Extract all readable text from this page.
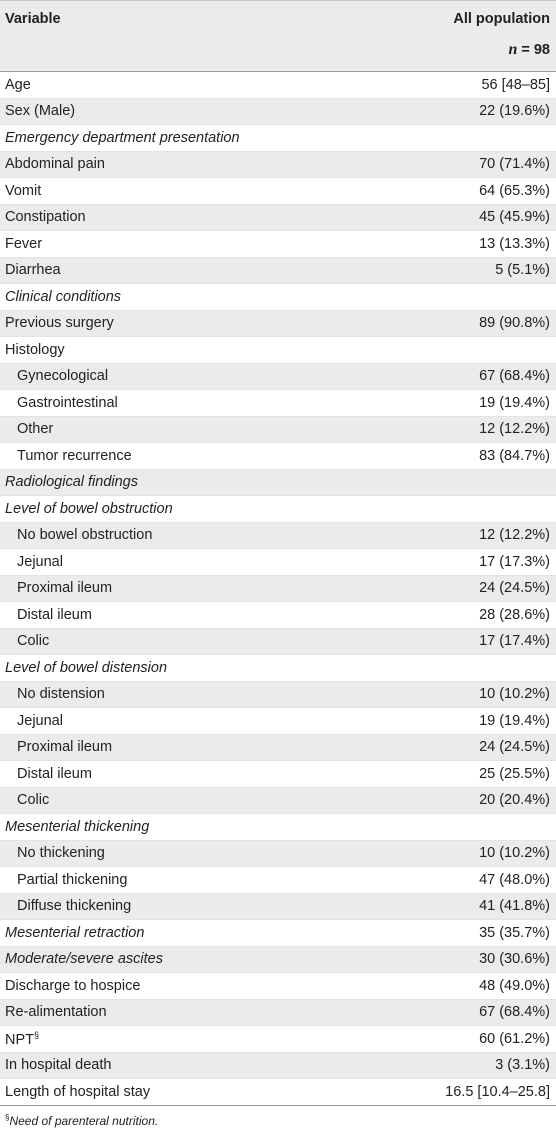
Variable	All population
n = 98
Age	56 [48–85]
Sex (Male)	22 (19.6%)
Emergency department presentation
Abdominal pain	70 (71.4%)
Vomit	64 (65.3%)
Constipation	45 (45.9%)
Fever	13 (13.3%)
Diarrhea	5 (5.1%)
Clinical conditions
Previous surgery	89 (90.8%)
Histology
Gynecological	67 (68.4%)
Gastrointestinal	19 (19.4%)
Other	12 (12.2%)
Tumor recurrence	83 (84.7%)
Radiological findings
Level of bowel obstruction
No bowel obstruction	12 (12.2%)
Jejunal	17 (17.3%)
Proximal ileum	24 (24.5%)
Distal ileum	28 (28.6%)
Colic	17 (17.4%)
Level of bowel distension
No distension	10 (10.2%)
Jejunal	19 (19.4%)
Proximal ileum	24 (24.5%)
Distal ileum	25 (25.5%)
Colic	20 (20.4%)
Mesenterial thickening
No thickening	10 (10.2%)
Partial thickening	47 (48.0%)
Diffuse thickening	41 (41.8%)
Mesenterial retraction	35 (35.7%)
Moderate/severe ascites	30 (30.6%)
Discharge to hospice	48 (49.0%)
Re-alimentation	67 (68.4%)
NPT§	60 (61.2%)
In hospital death	3 (3.1%)
Length of hospital stay	16.5 [10.4–25.8]
§Need of parenteral nutrition.
